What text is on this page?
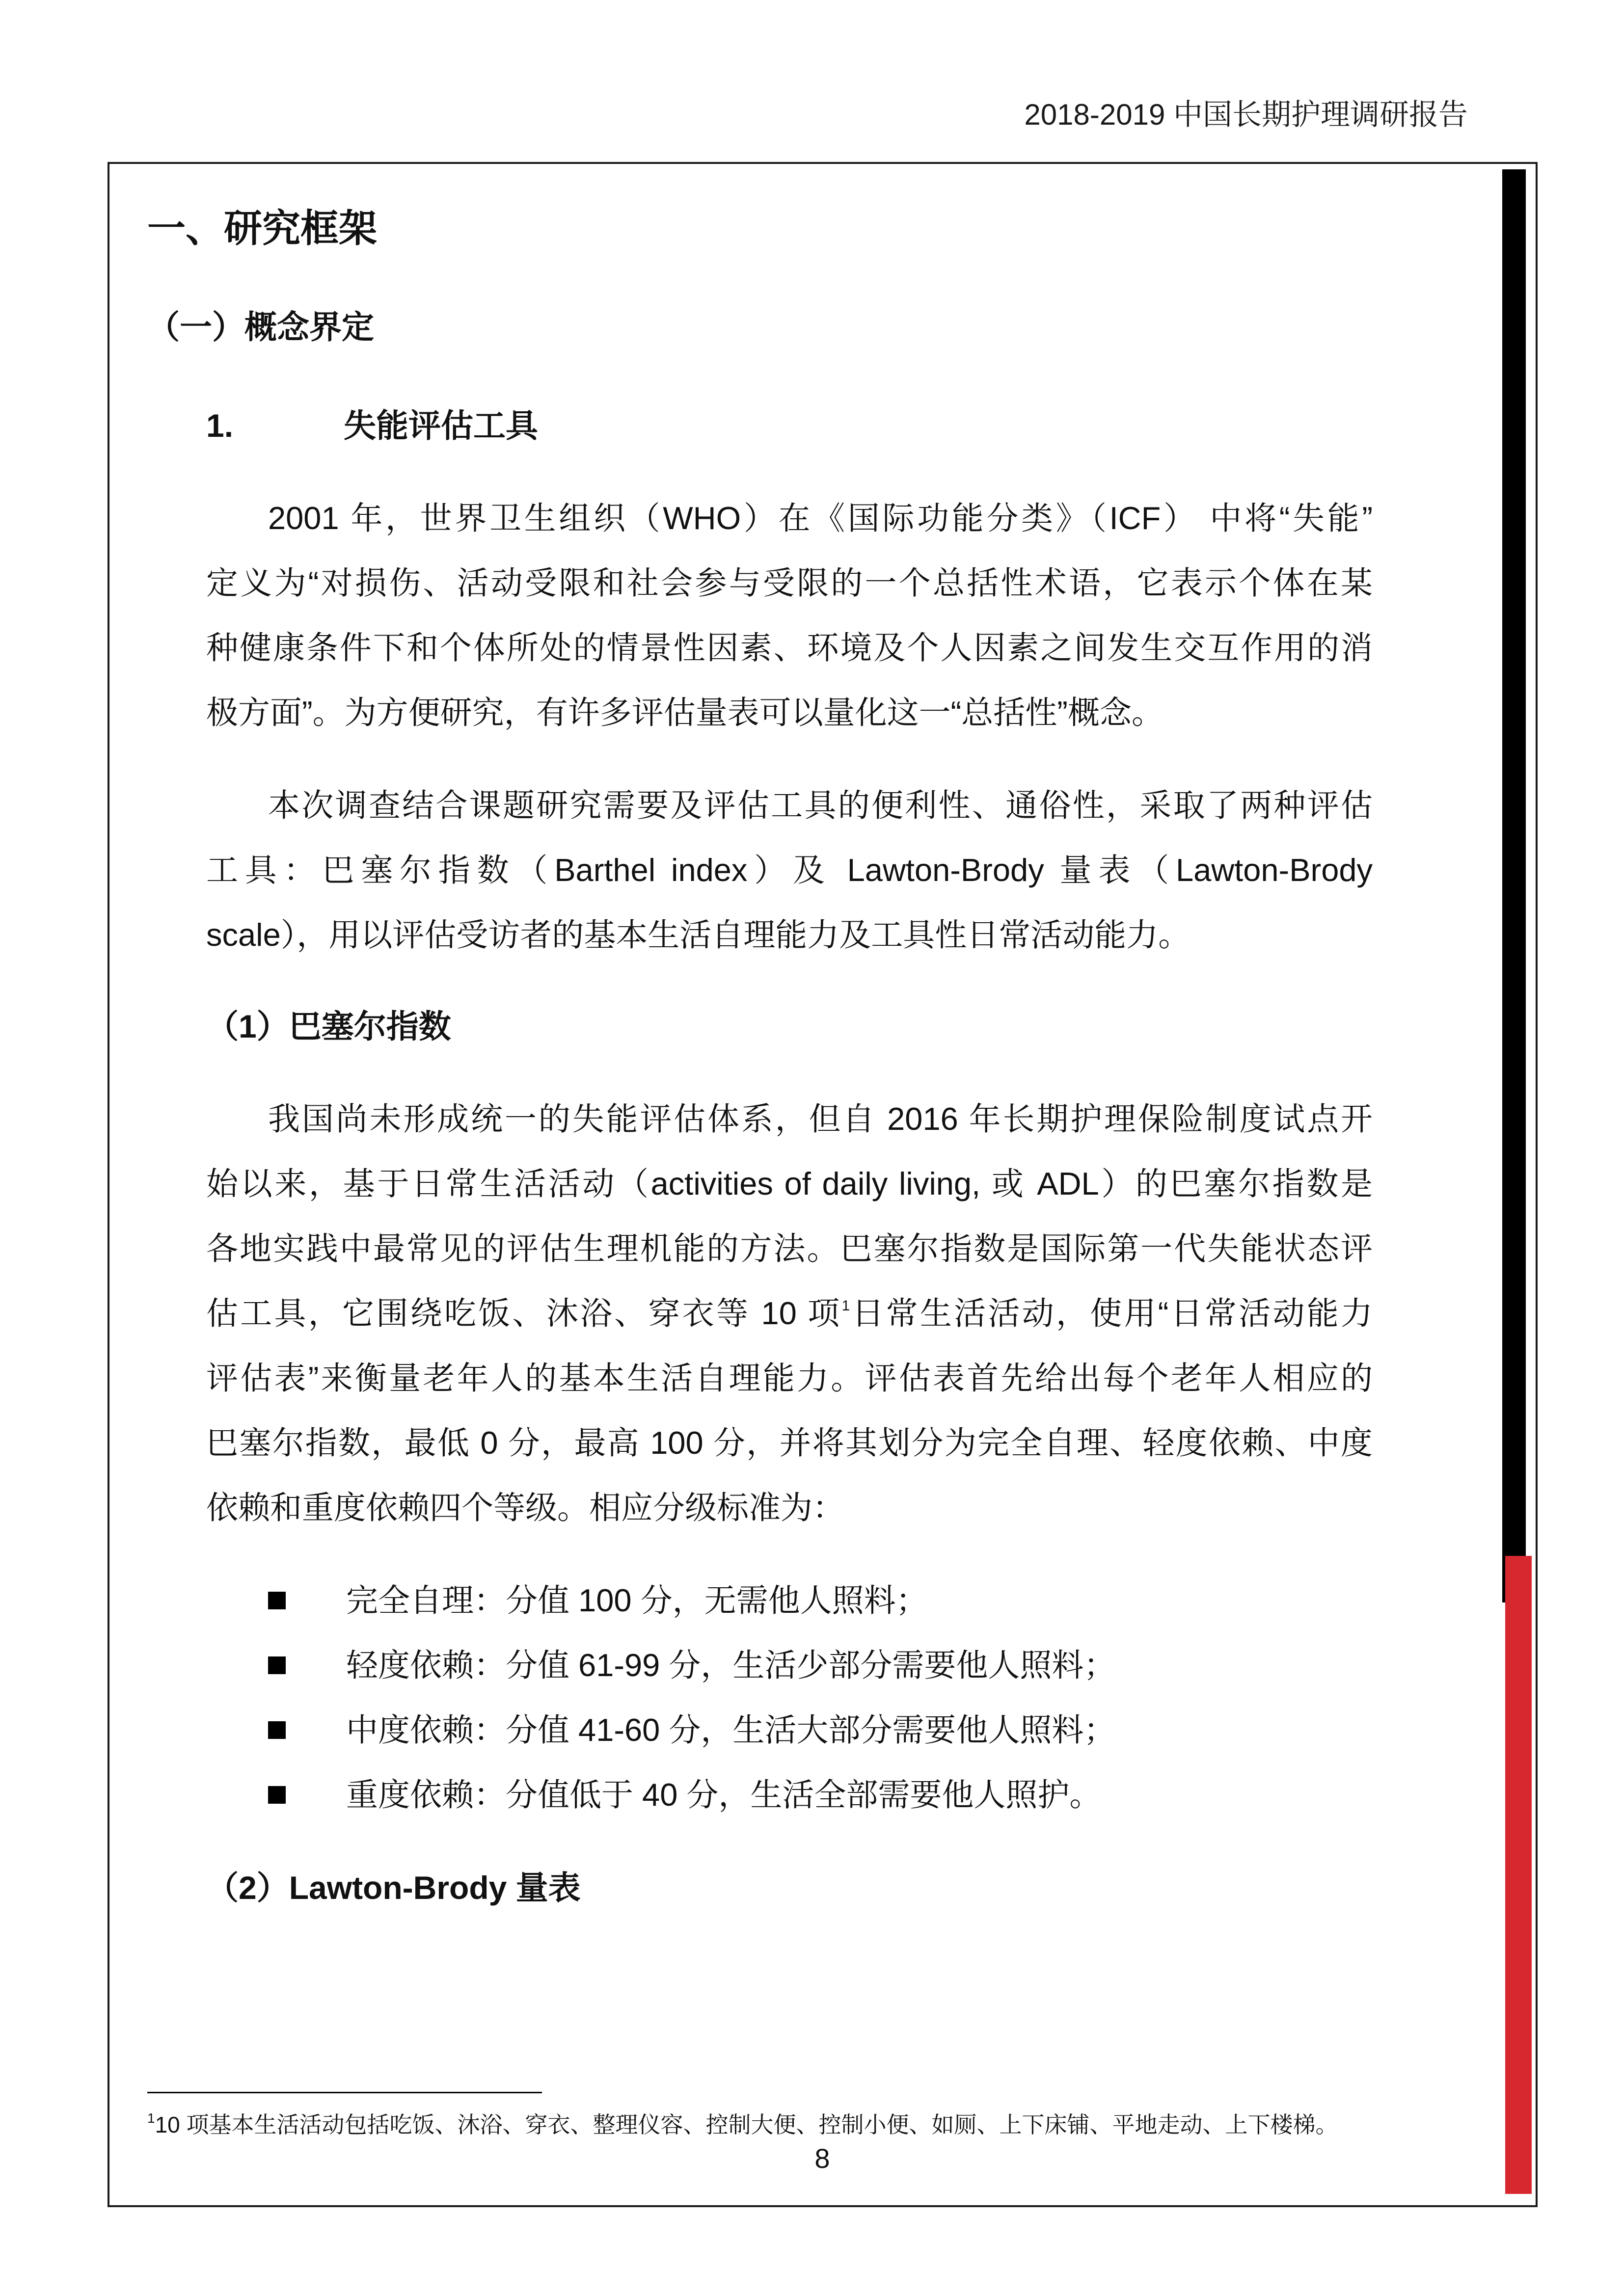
2018-2019 中国长期护理调研报告
一、研究框架
（一）概念界定
1.	失能评估工具
2001 年，世界卫生组织（WHO）在《国际功能分类》（ICF） 中将“失能”
定义为“对损伤、活动受限和社会参与受限的一个总括性术语，它表示个体在某
种健康条件下和个体所处的情景性因素、环境及个人因素之间发生交互作用的消
极方面”。为方便研究，有许多评估量表可以量化这一“总括性”概念。
本次调查结合课题研究需要及评估工具的便利性、通俗性，采取了两种评估
工具：巴塞尔指数（Barthel index）及 Lawton-Brody 量表（Lawton-Brody
scale），用以评估受访者的基本生活自理能力及工具性日常活动能力。
（1）巴塞尔指数
我国尚未形成统一的失能评估体系，但自 2016 年长期护理保险制度试点开
始以来，基于日常生活活动（activities of daily living, 或 ADL）的巴塞尔指数是
各地实践中最常见的评估生理机能的方法。巴塞尔指数是国际第一代失能状态评
估工具，它围绕吃饭、沐浴、穿衣等 10 项$^1$日常生活活动，使用“日常活动能力
评估表”来衡量老年人的基本生活自理能力。评估表首先给出每个老年人相应的
巴塞尔指数，最低 0 分，最高 100 分，并将其划分为完全自理、轻度依赖、中度
依赖和重度依赖四个等级。相应分级标准为：
完全自理：分值 100 分，无需他人照料；
轻度依赖：分值 61-99 分，生活少部分需要他人照料；
中度依赖：分值 41-60 分，生活大部分需要他人照料；
重度依赖：分值低于 40 分，生活全部需要他人照护。
（2）Lawton-Brody 量表
$^1$10 项基本生活活动包括吃饭、沐浴、穿衣、整理仪容、控制大便、控制小便、如厕、上下床铺、平地走动、上下楼梯。
8
